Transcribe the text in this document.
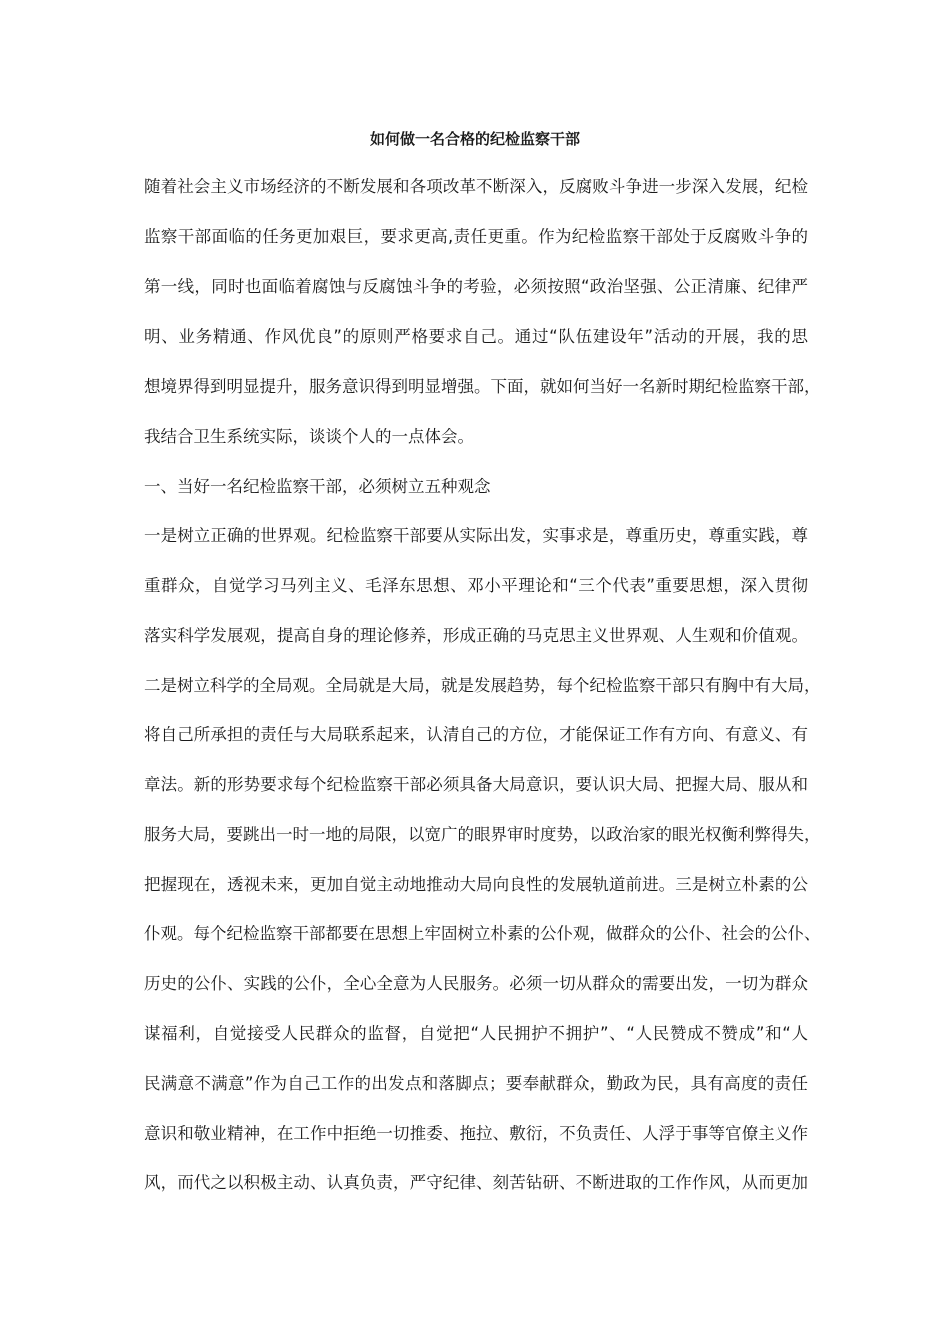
如何做一名合格的纪检监察干部
随着社会主义市场经济的不断发展和各项改革不断深入，反腐败斗争进一步深入发展，纪检
监察干部面临的任务更加艰巨，要求更高,责任更重。作为纪检监察干部处于反腐败斗争的
第一线，同时也面临着腐蚀与反腐蚀斗争的考验，必须按照“政治坚强、公正清廉、纪律严
明、业务精通、作风优良”的原则严格要求自己。通过“队伍建设年”活动的开展，我的思
想境界得到明显提升，服务意识得到明显增强。下面，就如何当好一名新时期纪检监察干部，
我结合卫生系统实际，谈谈个人的一点体会。
一、当好一名纪检监察干部，必须树立五种观念
一是树立正确的世界观。纪检监察干部要从实际出发，实事求是，尊重历史，尊重实践，尊
重群众，自觉学习马列主义、毛泽东思想、邓小平理论和“三个代表”重要思想，深入贯彻
落实科学发展观，提高自身的理论修养，形成正确的马克思主义世界观、人生观和价值观。
二是树立科学的全局观。全局就是大局，就是发展趋势，每个纪检监察干部只有胸中有大局，
将自己所承担的责任与大局联系起来，认清自己的方位，才能保证工作有方向、有意义、有
章法。新的形势要求每个纪检监察干部必须具备大局意识，要认识大局、把握大局、服从和
服务大局，要跳出一时一地的局限，以宽广的眼界审时度势，以政治家的眼光权衡利弊得失，
把握现在，透视未来，更加自觉主动地推动大局向良性的发展轨道前进。三是树立朴素的公
仆观。每个纪检监察干部都要在思想上牢固树立朴素的公仆观，做群众的公仆、社会的公仆、
历史的公仆、实践的公仆，全心全意为人民服务。必须一切从群众的需要出发，一切为群众
谋福利，自觉接受人民群众的监督，自觉把“人民拥护不拥护”、“人民赞成不赞成”和“人
民满意不满意”作为自己工作的出发点和落脚点；要奉献群众，勤政为民，具有高度的责任
意识和敬业精神，在工作中拒绝一切推委、拖拉、敷衍，不负责任、人浮于事等官僚主义作
风，而代之以积极主动、认真负责，严守纪律、刻苦钻研、不断进取的工作作风，从而更加
